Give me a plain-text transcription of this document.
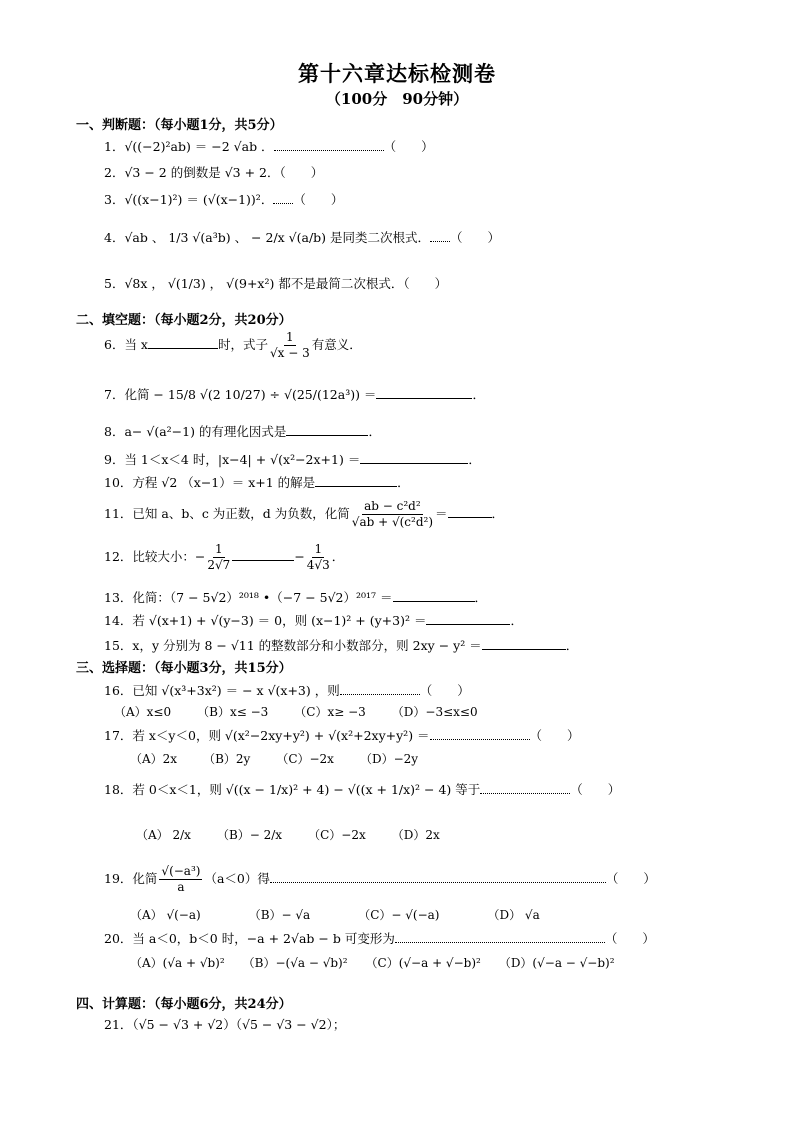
第十六章达标检测卷
（100分　90分钟）
一、判断题：（每小题1分，共5分）
1．√((−2)²ab) ＝ −2 √ab ．	（　　）
2．√3 − 2 的倒数是 √3 + 2．（　　）
3．√((x−1)²) ＝ (√(x−1))²． （　　）
4．√ab 、 1/3 √(a³b) 、 − 2/x √(a/b) 是同类二次根式． （　　）
5．√8x ， √(1/3) ， √(9+x²) 都不是最简二次根式．（　　）
二、填空题：（每小题2分，共20分）
6．当 x	时，式子 $\frac{1}{√x - 3}$ 有意义．
7．化简 − 15/8 √(2 10/27) ÷ √(25/(12a³)) ＝	．
8．a− √(a²−1) 的有理化因式是	．
9．当 1＜x＜4 时，|x−4| + √(x²−2x+1) ＝	．
10．方程 √2 （x−1）＝ x+1 的解是	．
11．已知 a、b、c 为正数，d 为负数，化简 $\frac{\text{ab − c²d²}}{\text{√ab + √(c²d²)}}$ ＝	．
12．比较大小：− $\frac{1}{2√7}$	− $\frac{1}{4√3}$ ．
13．化简：（7 − 5√2）²⁰¹⁸ •（−7 − 5√2）²⁰¹⁷ ＝	．
14．若 √(x+1) + √(y−3) ＝ 0，则 (x−1)² + (y+3)² ＝	．
15．x，y 分别为 8 − √11 的整数部分和小数部分，则 2xy − y² ＝	．
三、选择题：（每小题3分，共15分）
16．已知 √(x³+3x²) ＝ − x √(x+3) ，则	（　　）
（A）x≤0 （B）x≤ −3 （C）x≥ −3 （D）−3≤x≤0
17．若 x＜y＜0，则 √(x²−2xy+y²) + √(x²+2xy+y²) ＝	（　　）
（A）2x （B）2y （C）−2x （D）−2y
18．若 0＜x＜1，则 √((x − 1/x)² + 4) − √((x + 1/x)² − 4) 等于	（　　）
（A） 2/x （B）− 2/x （C）−2x （D）2x
19．化简 $\frac{\text{√(−a³)}}{a} (a<0)$得	（　　）
（A） √(−a)	（B）− √a	（C）− √(−a)	（D） √a
20．当 a＜0，b＜0 时，−a + 2√ab − b 可变形为	（　　）
（A）(√a + √b)² （B）−(√a − √b)² （C）(√−a + √−b)² （D）(√−a − √−b)²
四、计算题：（每小题6分，共24分）
21．（√5 − √3 + √2）（√5 − √3 − √2）；
